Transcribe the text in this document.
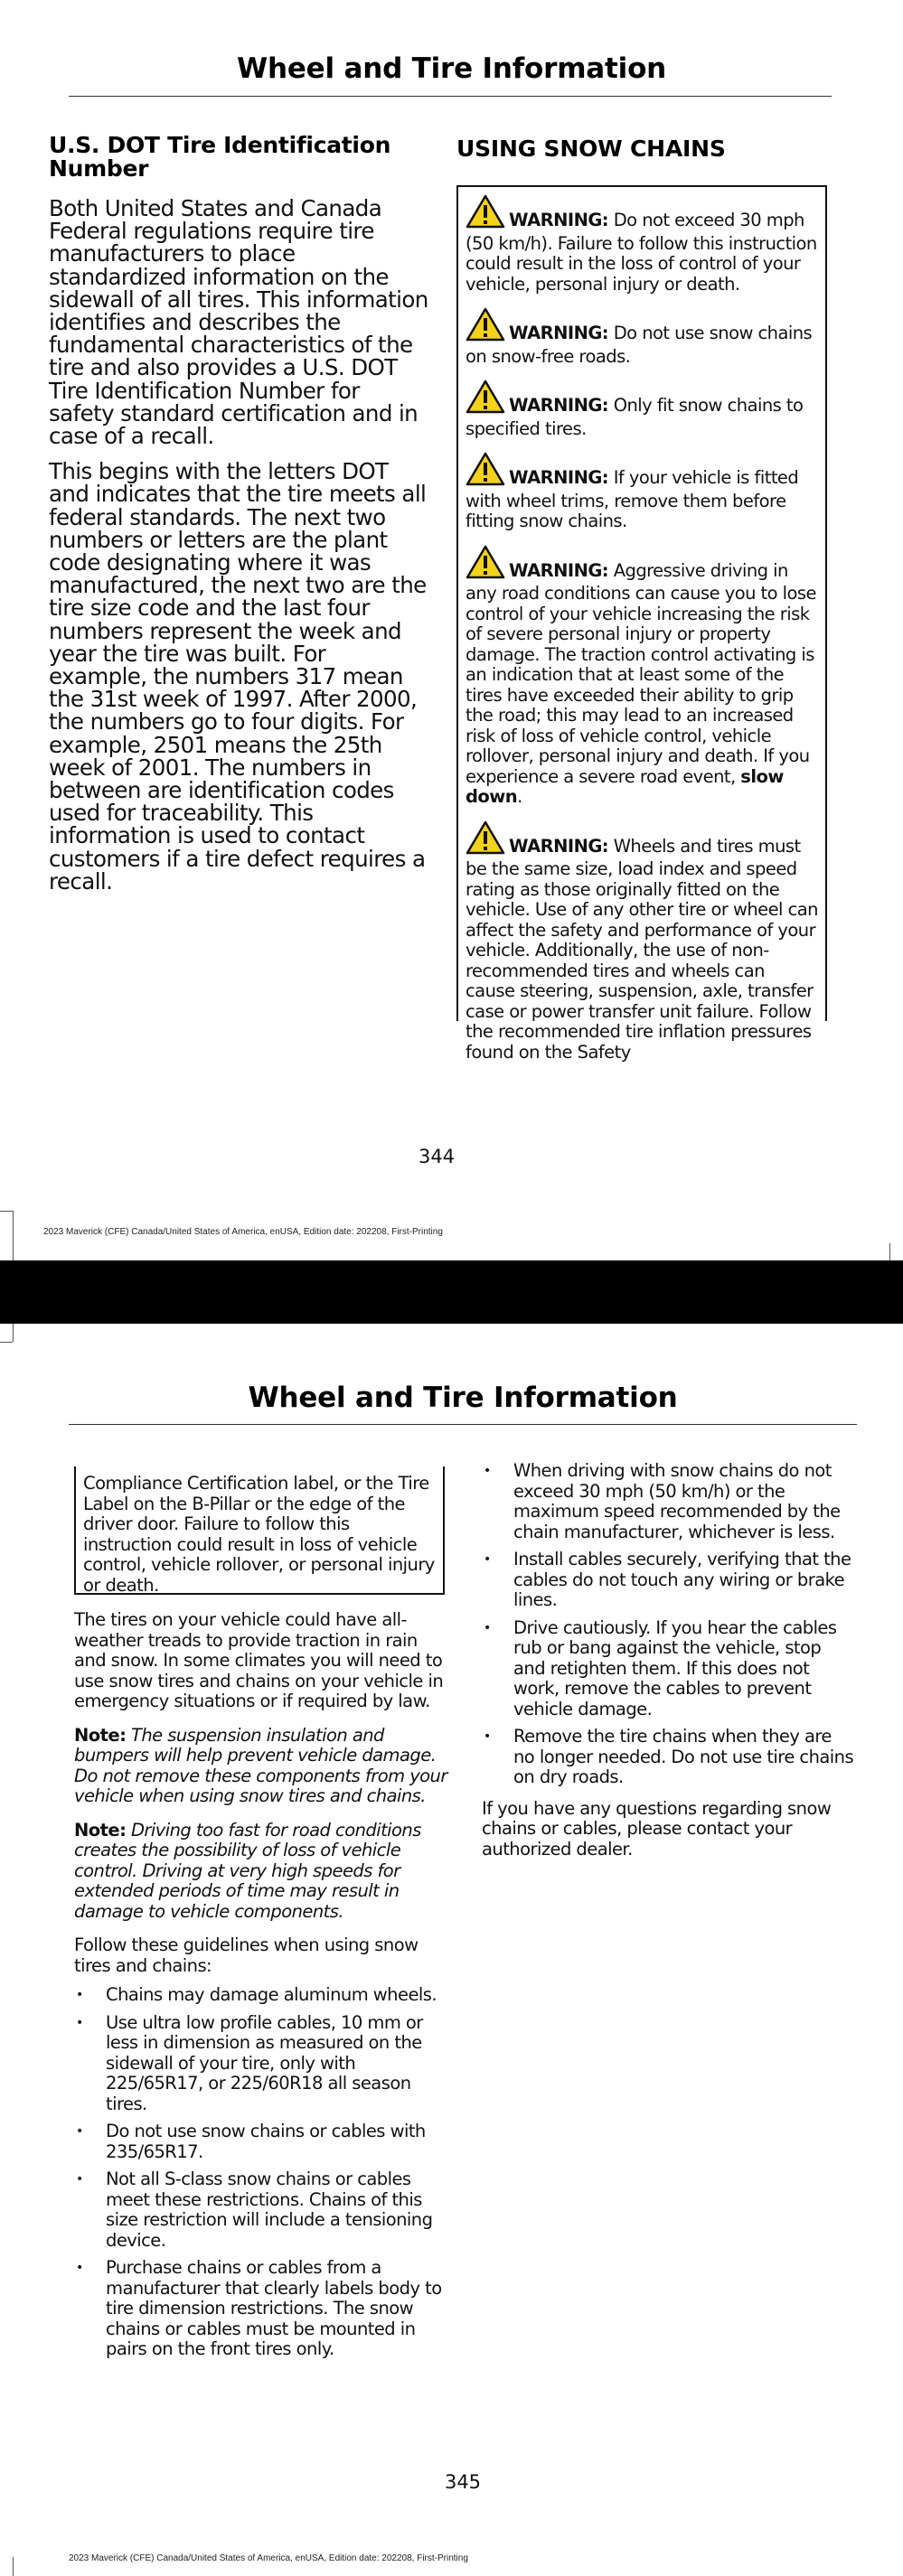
Wheel and Tire Information
U.S. DOT Tire Identification Number

Both United States and Canada Federal regulations require tire manufacturers to place standardized information on the sidewall of all tires. This information identifies and describes the fundamental characteristics of the tire and also provides a U.S. DOT Tire Identification Number for safety standard certification and in case of a recall.

This begins with the letters DOT and indicates that the tire meets all federal standards. The next two numbers or letters are the plant code designating where it was manufactured, the next two are the tire size code and the last four numbers represent the week and year the tire was built. For example, the numbers 317 mean the 31st week of 1997. After 2000, the numbers go to four digits. For example, 2501 means the 25th week of 2001. The numbers in between are identification codes used for traceability. This information is used to contact customers if a tire defect requires a recall.

USING SNOW CHAINS

WARNING: Do not exceed 30 mph (50 km/h). Failure to follow this instruction could result in the loss of control of your vehicle, personal injury or death.

WARNING: Do not use snow chains on snow-free roads.

WARNING: Only fit snow chains to specified tires.

WARNING: If your vehicle is fitted with wheel trims, remove them before fitting snow chains.

WARNING: Aggressive driving in any road conditions can cause you to lose control of your vehicle increasing the risk of severe personal injury or property damage. The traction control activating is an indication that at least some of the tires have exceeded their ability to grip the road; this may lead to an increased risk of loss of vehicle control, vehicle rollover, personal injury and death. If you experience a severe road event, slow down.

WARNING: Wheels and tires must be the same size, load index and speed rating as those originally fitted on the vehicle. Use of any other tire or wheel can affect the safety and performance of your vehicle. Additionally, the use of non-recommended tires and wheels can cause steering, suspension, axle, transfer case or power transfer unit failure. Follow the recommended tire inflation pressures found on the Safety

344
2023 Maverick (CFE) Canada/United States of America, enUSA, Edition date: 202208, First-Printing
Wheel and Tire Information

Compliance Certification label, or the Tire Label on the B-Pillar or the edge of the driver door. Failure to follow this instruction could result in loss of vehicle control, vehicle rollover, or personal injury or death.

The tires on your vehicle could have all-weather treads to provide traction in rain and snow. In some climates you will need to use snow tires and chains on your vehicle in emergency situations or if required by law.

Note: The suspension insulation and bumpers will help prevent vehicle damage. Do not remove these components from your vehicle when using snow tires and chains.

Note: Driving too fast for road conditions creates the possibility of loss of vehicle control. Driving at very high speeds for extended periods of time may result in damage to vehicle components.

Follow these guidelines when using snow tires and chains:

• Chains may damage aluminum wheels.
• Use ultra low profile cables, 10 mm or less in dimension as measured on the sidewall of your tire, only with 225/65R17, or 225/60R18 all season tires.
• Do not use snow chains or cables with 235/65R17.
• Not all S-class snow chains or cables meet these restrictions. Chains of this size restriction will include a tensioning device.
• Purchase chains or cables from a manufacturer that clearly labels body to tire dimension restrictions. The snow chains or cables must be mounted in pairs on the front tires only.
• When driving with snow chains do not exceed 30 mph (50 km/h) or the maximum speed recommended by the chain manufacturer, whichever is less.
• Install cables securely, verifying that the cables do not touch any wiring or brake lines.
• Drive cautiously. If you hear the cables rub or bang against the vehicle, stop and retighten them. If this does not work, remove the cables to prevent vehicle damage.
• Remove the tire chains when they are no longer needed. Do not use tire chains on dry roads.

If you have any questions regarding snow chains or cables, please contact your authorized dealer.

345
2023 Maverick (CFE) Canada/United States of America, enUSA, Edition date: 202208, First-Printing
